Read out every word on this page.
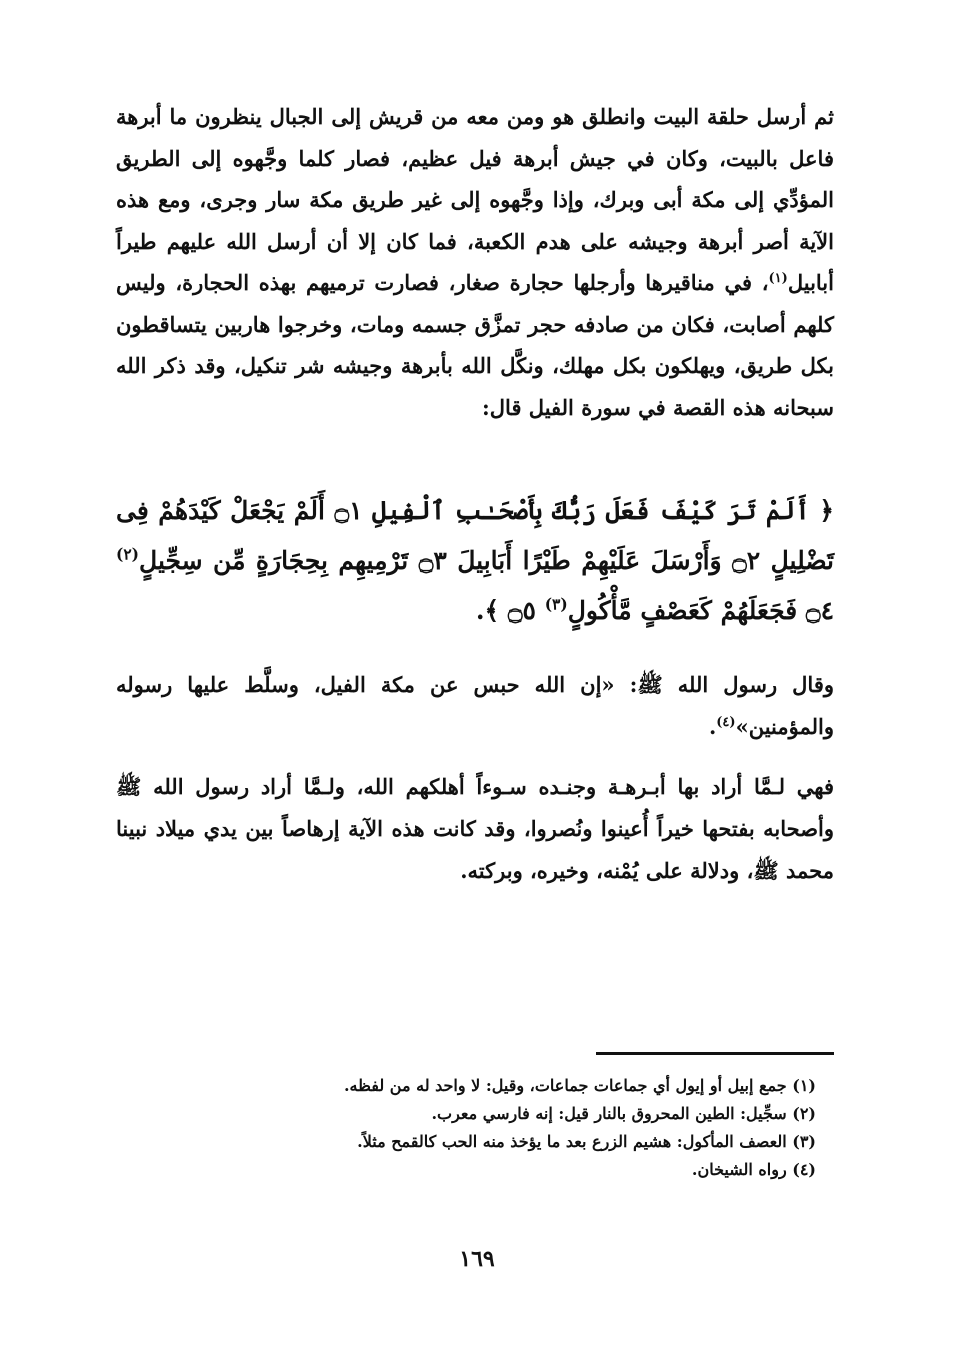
ثم أرسل حلقة البيت وانطلق هو ومن معه من قريش إلى الجبال ينظرون ما أبرهة فاعل بالبيت، وكان في جيش أبرهة فيل عظيم، فصار كلما وجَّهوه إلى الطريق المؤدِّي إلى مكة أبى وبرك، وإذا وجَّهوه إلى غير طريق مكة سار وجرى، ومع هذه الآية أصر أبرهة وجيشه على هدم الكعبة، فما كان إلا أن أرسل الله عليهم طيراً أبابيل$^{(١)}$، في مناقيرها وأرجلها حجارة صغار، فصارت ترميهم بهذه الحجارة، وليس كلهم أصابت، فكان من صادفه حجر تمزَّق جسمه ومات، وخرجوا هاربين يتساقطون بكل طريق، ويهلكون بكل مهلك، ونكَّل الله بأبرهة وجيشه شر تنكيل، وقد ذكر الله سبحانه هذه القصة في سورة الفيل قال:

﴿ أَلَمْ تَرَ كَيْفَ فَعَلَ رَبُّكَ بِأَصْحَـٰبِ ٱلْفِيلِ ۝١ أَلَمْ يَجْعَلْ كَيْدَهُمْ فِى تَضْلِيلٍ ۝٢ وَأَرْسَلَ عَلَيْهِمْ طَيْرًا أَبَابِيلَ ۝٣ تَرْمِيهِم بِحِجَارَةٍ مِّن سِجِّيلٍ$^{(٢)}$ ۝٤ فَجَعَلَهُمْ كَعَصْفٍ مَّأْكُولٍ$^{(٣)}$ ۝٥ ﴾.

وقال رسول الله ﷺ: «إن الله حبس عن مكة الفيل، وسلَّط عليها رسوله والمؤمنين»$^{(٤)}$.

فهي لـمَّا أراد بها أبـرهـة وجنـده سـوءاً أهلكهم الله، ولـمَّا أراد رسول الله ﷺ وأصحابه بفتحها خيراً أُعينوا ونُصروا، وقد كانت هذه الآية إرهاصاً بين يدي ميلاد نبينا محمد ﷺ، ودلالة على يُمْنه، وخيره، وبركته.

(١) جمع إبيل أو إيول أي جماعات جماعات، وقيل: لا واحد له من لفظه.
(٢) سجِّيل: الطين المحروق بالنار قيل: إنه فارسي معرب.
(٣) العصف المأكول: هشيم الزرع بعد ما يؤخذ منه الحب كالقمح مثلاً.
(٤) رواه الشيخان.
١٦٩
